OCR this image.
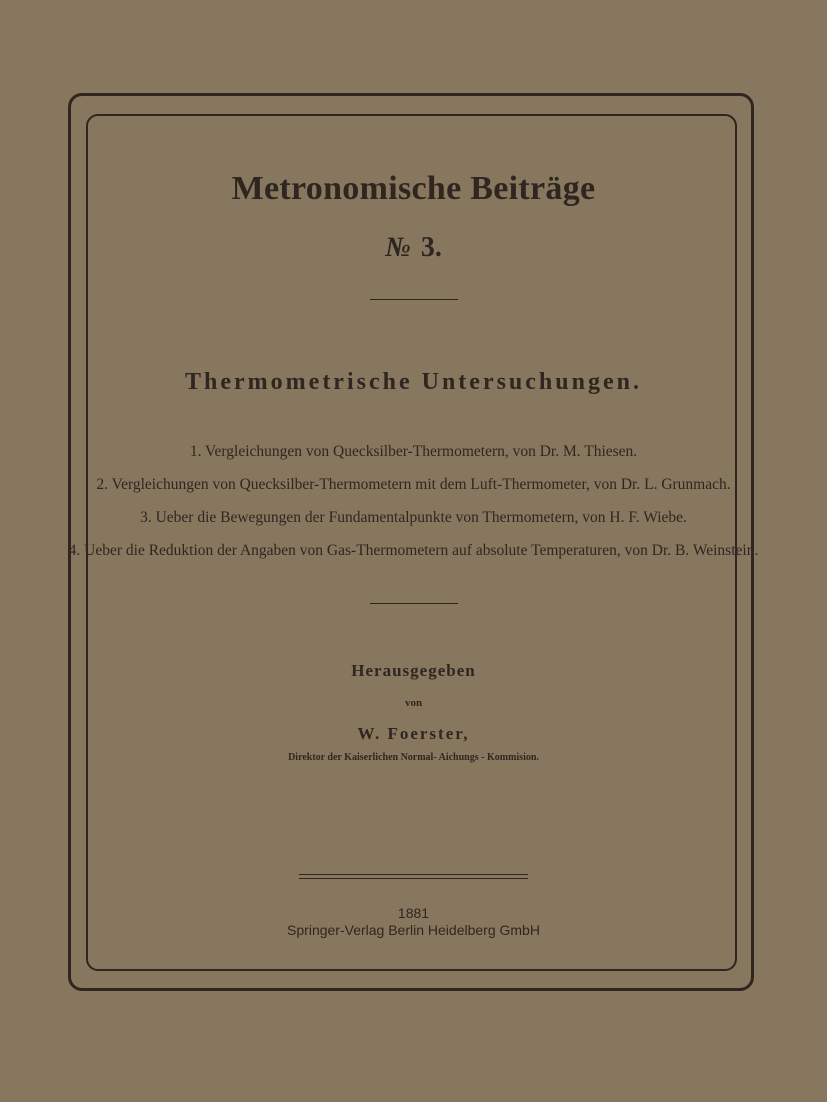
Metronomische Beiträge
№ 3.
Thermometrische Untersuchungen.
1. Vergleichungen von Quecksilber-Thermometern, von Dr. M. Thiesen.
2. Vergleichungen von Quecksilber-Thermometern mit dem Luft-Thermometer, von Dr. L. Grunmach.
3. Ueber die Bewegungen der Fundamentalpunkte von Thermometern, von H. F. Wiebe.
4. Ueber die Reduktion der Angaben von Gas-Thermometern auf absolute Temperaturen, von Dr. B. Weinstein.
Herausgegeben
von
W. Foerster,
Direktor der Kaiserlichen Normal- Aichungs - Kommision.
1881
Springer-Verlag Berlin Heidelberg GmbH
